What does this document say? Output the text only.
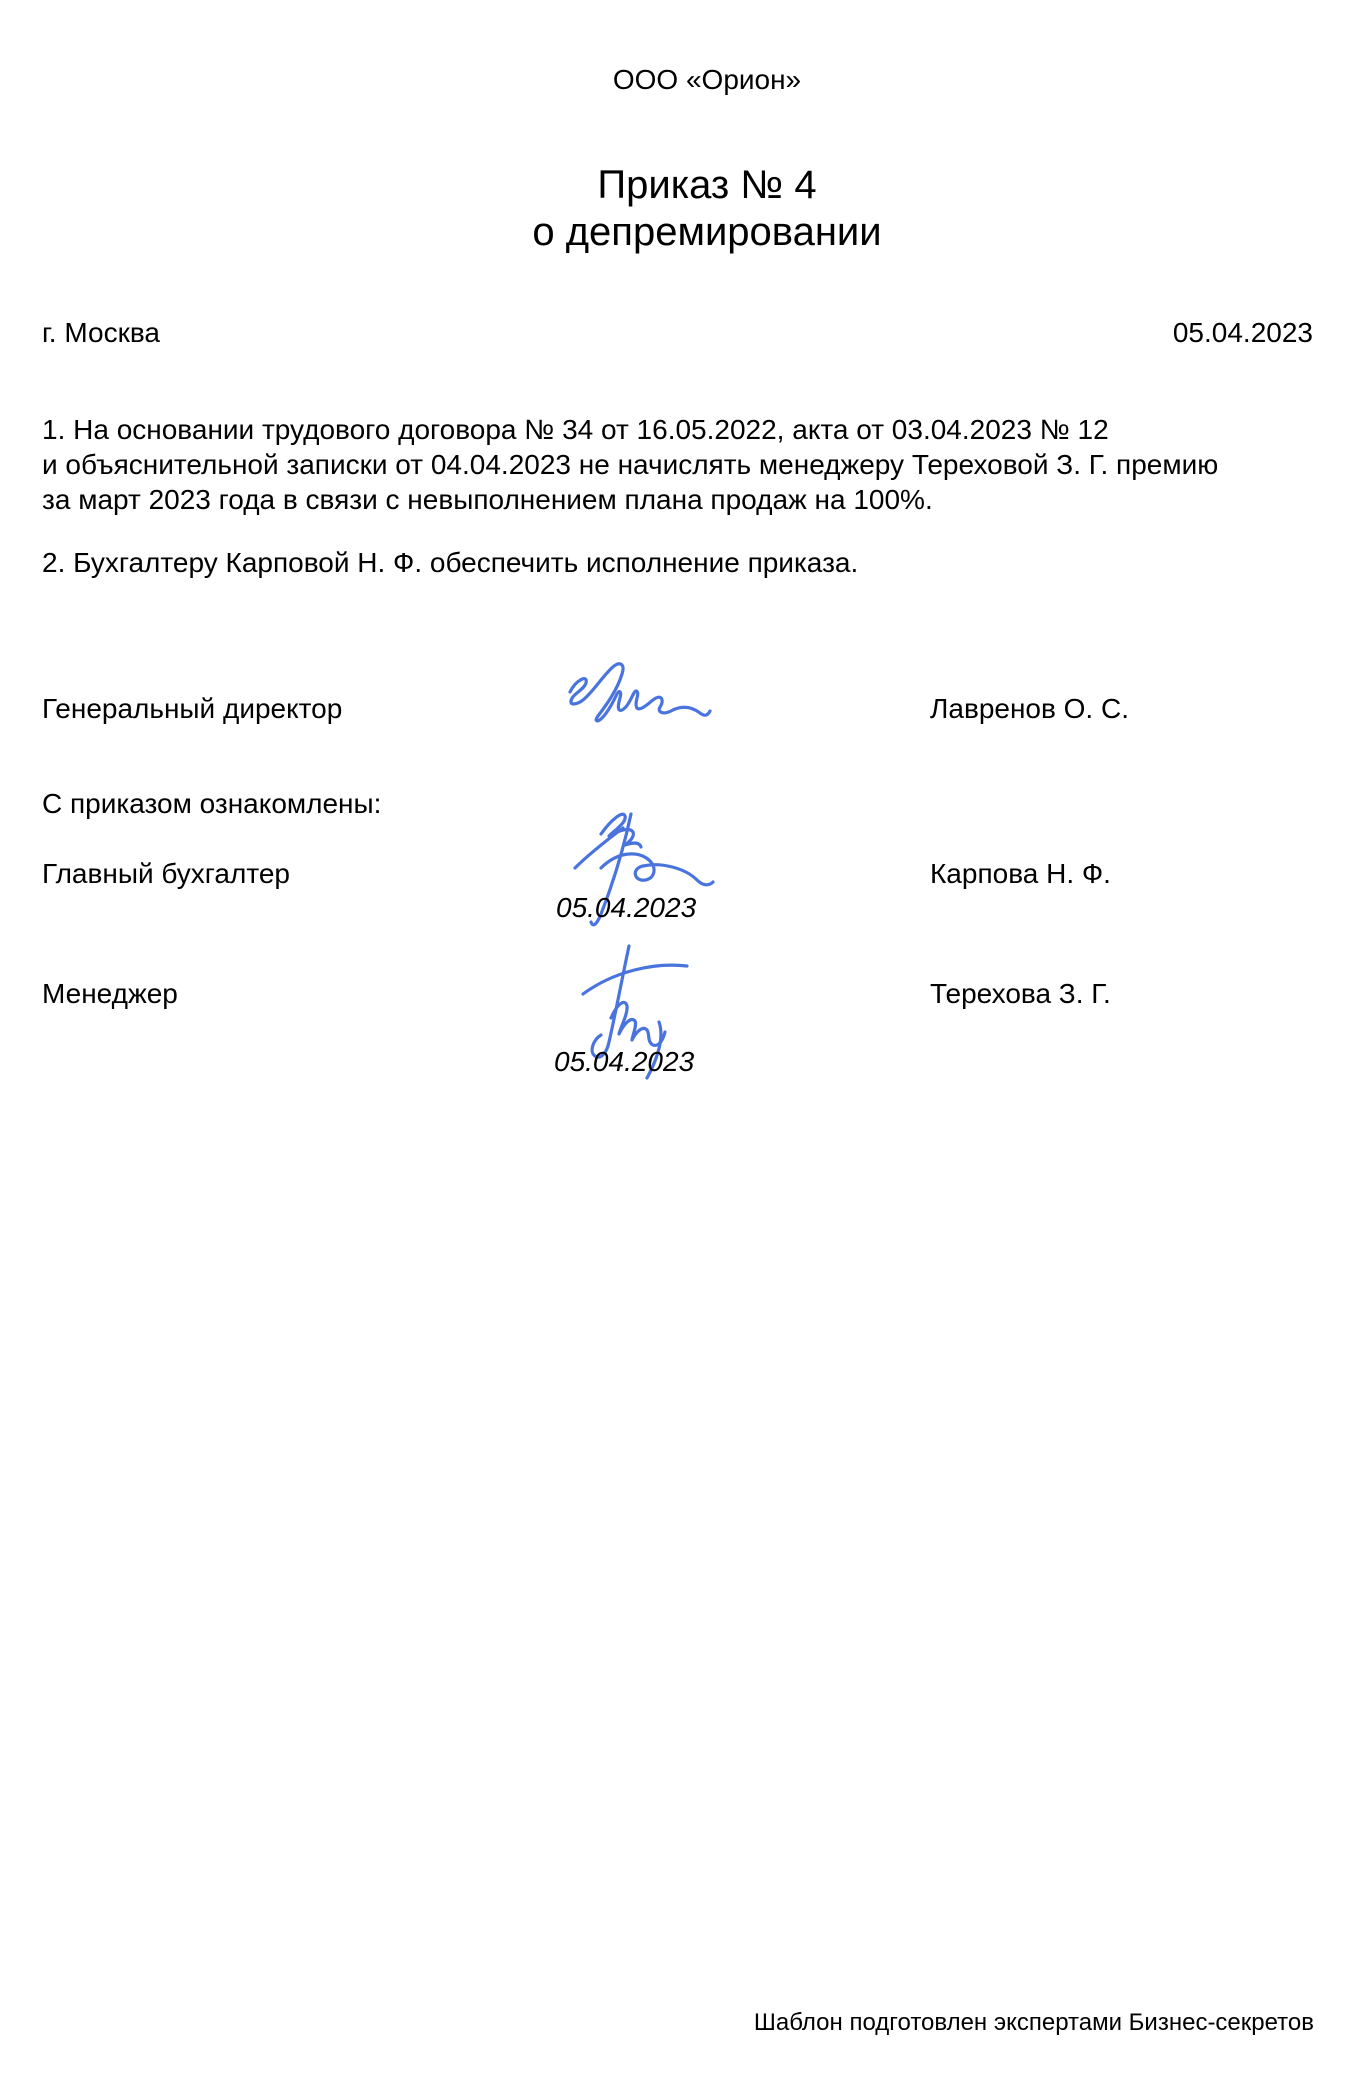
ООО «Орион»
Приказ № 4
о депремировании
г. Москва	05.04.2023
1. На основании трудового договора № 34 от 16.05.2022, акта от 03.04.2023 № 12
и объяснительной записки от 04.04.2023 не начислять менеджеру Тереховой З. Г. премию
за март 2023 года в связи с невыполнением плана продаж на 100%.
2. Бухгалтеру Карповой Н. Ф. обеспечить исполнение приказа.
Генеральный директор	Лавренов О. С.
С приказом ознакомлены:
Главный бухгалтер
05.04.2023
Карпова Н. Ф.
Менеджер
05.04.2023
Терехова З. Г.
Шаблон подготовлен экспертами Бизнес-секретов
